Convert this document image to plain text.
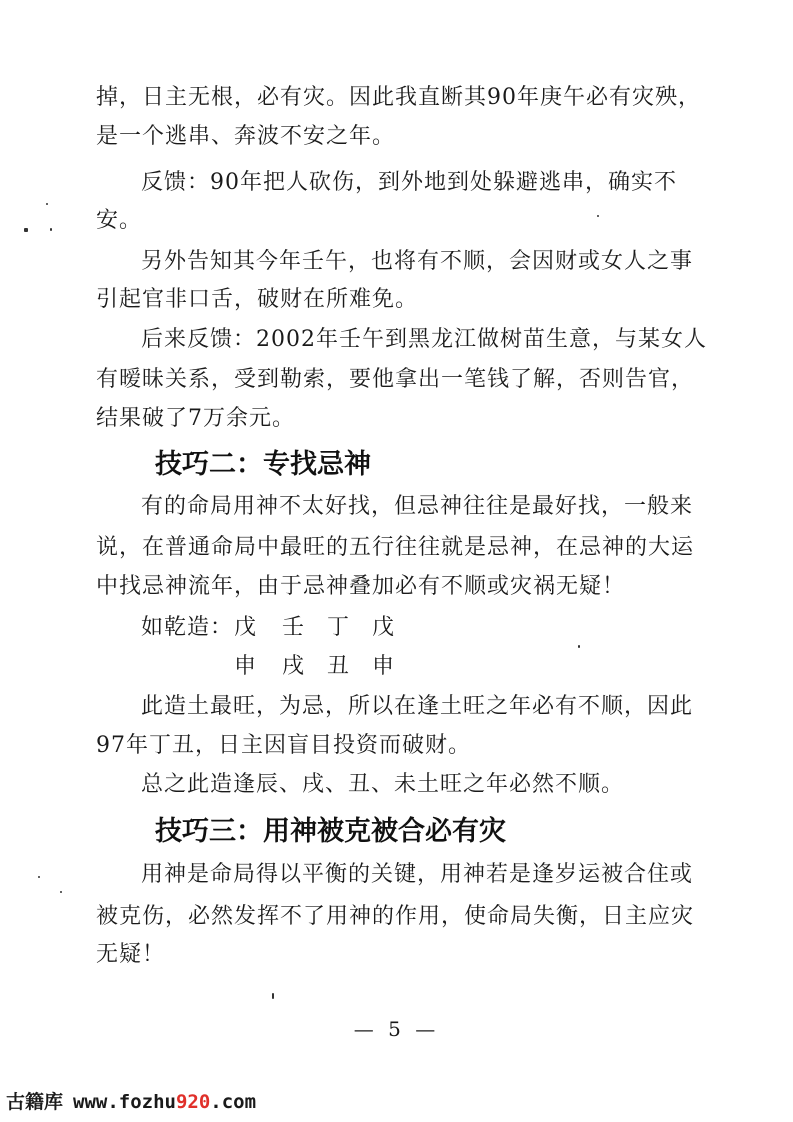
掉，日主无根，必有灾。因此我直断其90年庚午必有灾殃，
是一个逃串、奔波不安之年。
反馈：90年把人砍伤，到外地到处躲避逃串，确实不
安。
另外告知其今年壬午，也将有不顺，会因财或女人之事
引起官非口舌，破财在所难免。
后来反馈：2002年壬午到黑龙江做树苗生意，与某女人
有暧昧关系，受到勒索，要他拿出一笔钱了解，否则告官，
结果破了7万余元。
技巧二：专找忌神
有的命局用神不太好找，但忌神往往是最好找，一般来
说，在普通命局中最旺的五行往往就是忌神，在忌神的大运
中找忌神流年，由于忌神叠加必有不顺或灾祸无疑！
如乾造： 戊 壬 丁 戊
申 戌 丑 申
此造土最旺，为忌，所以在逢土旺之年必有不顺，因此
97年丁丑，日主因盲目投资而破财。
总之此造逢辰、戌、丑、未土旺之年必然不顺。
技巧三：用神被克被合必有灾
用神是命局得以平衡的关键，用神若是逢岁运被合住或
被克伤，必然发挥不了用神的作用，使命局失衡，日主应灾
无疑！
— 5 —
古籍库 www.fozhu920.com
